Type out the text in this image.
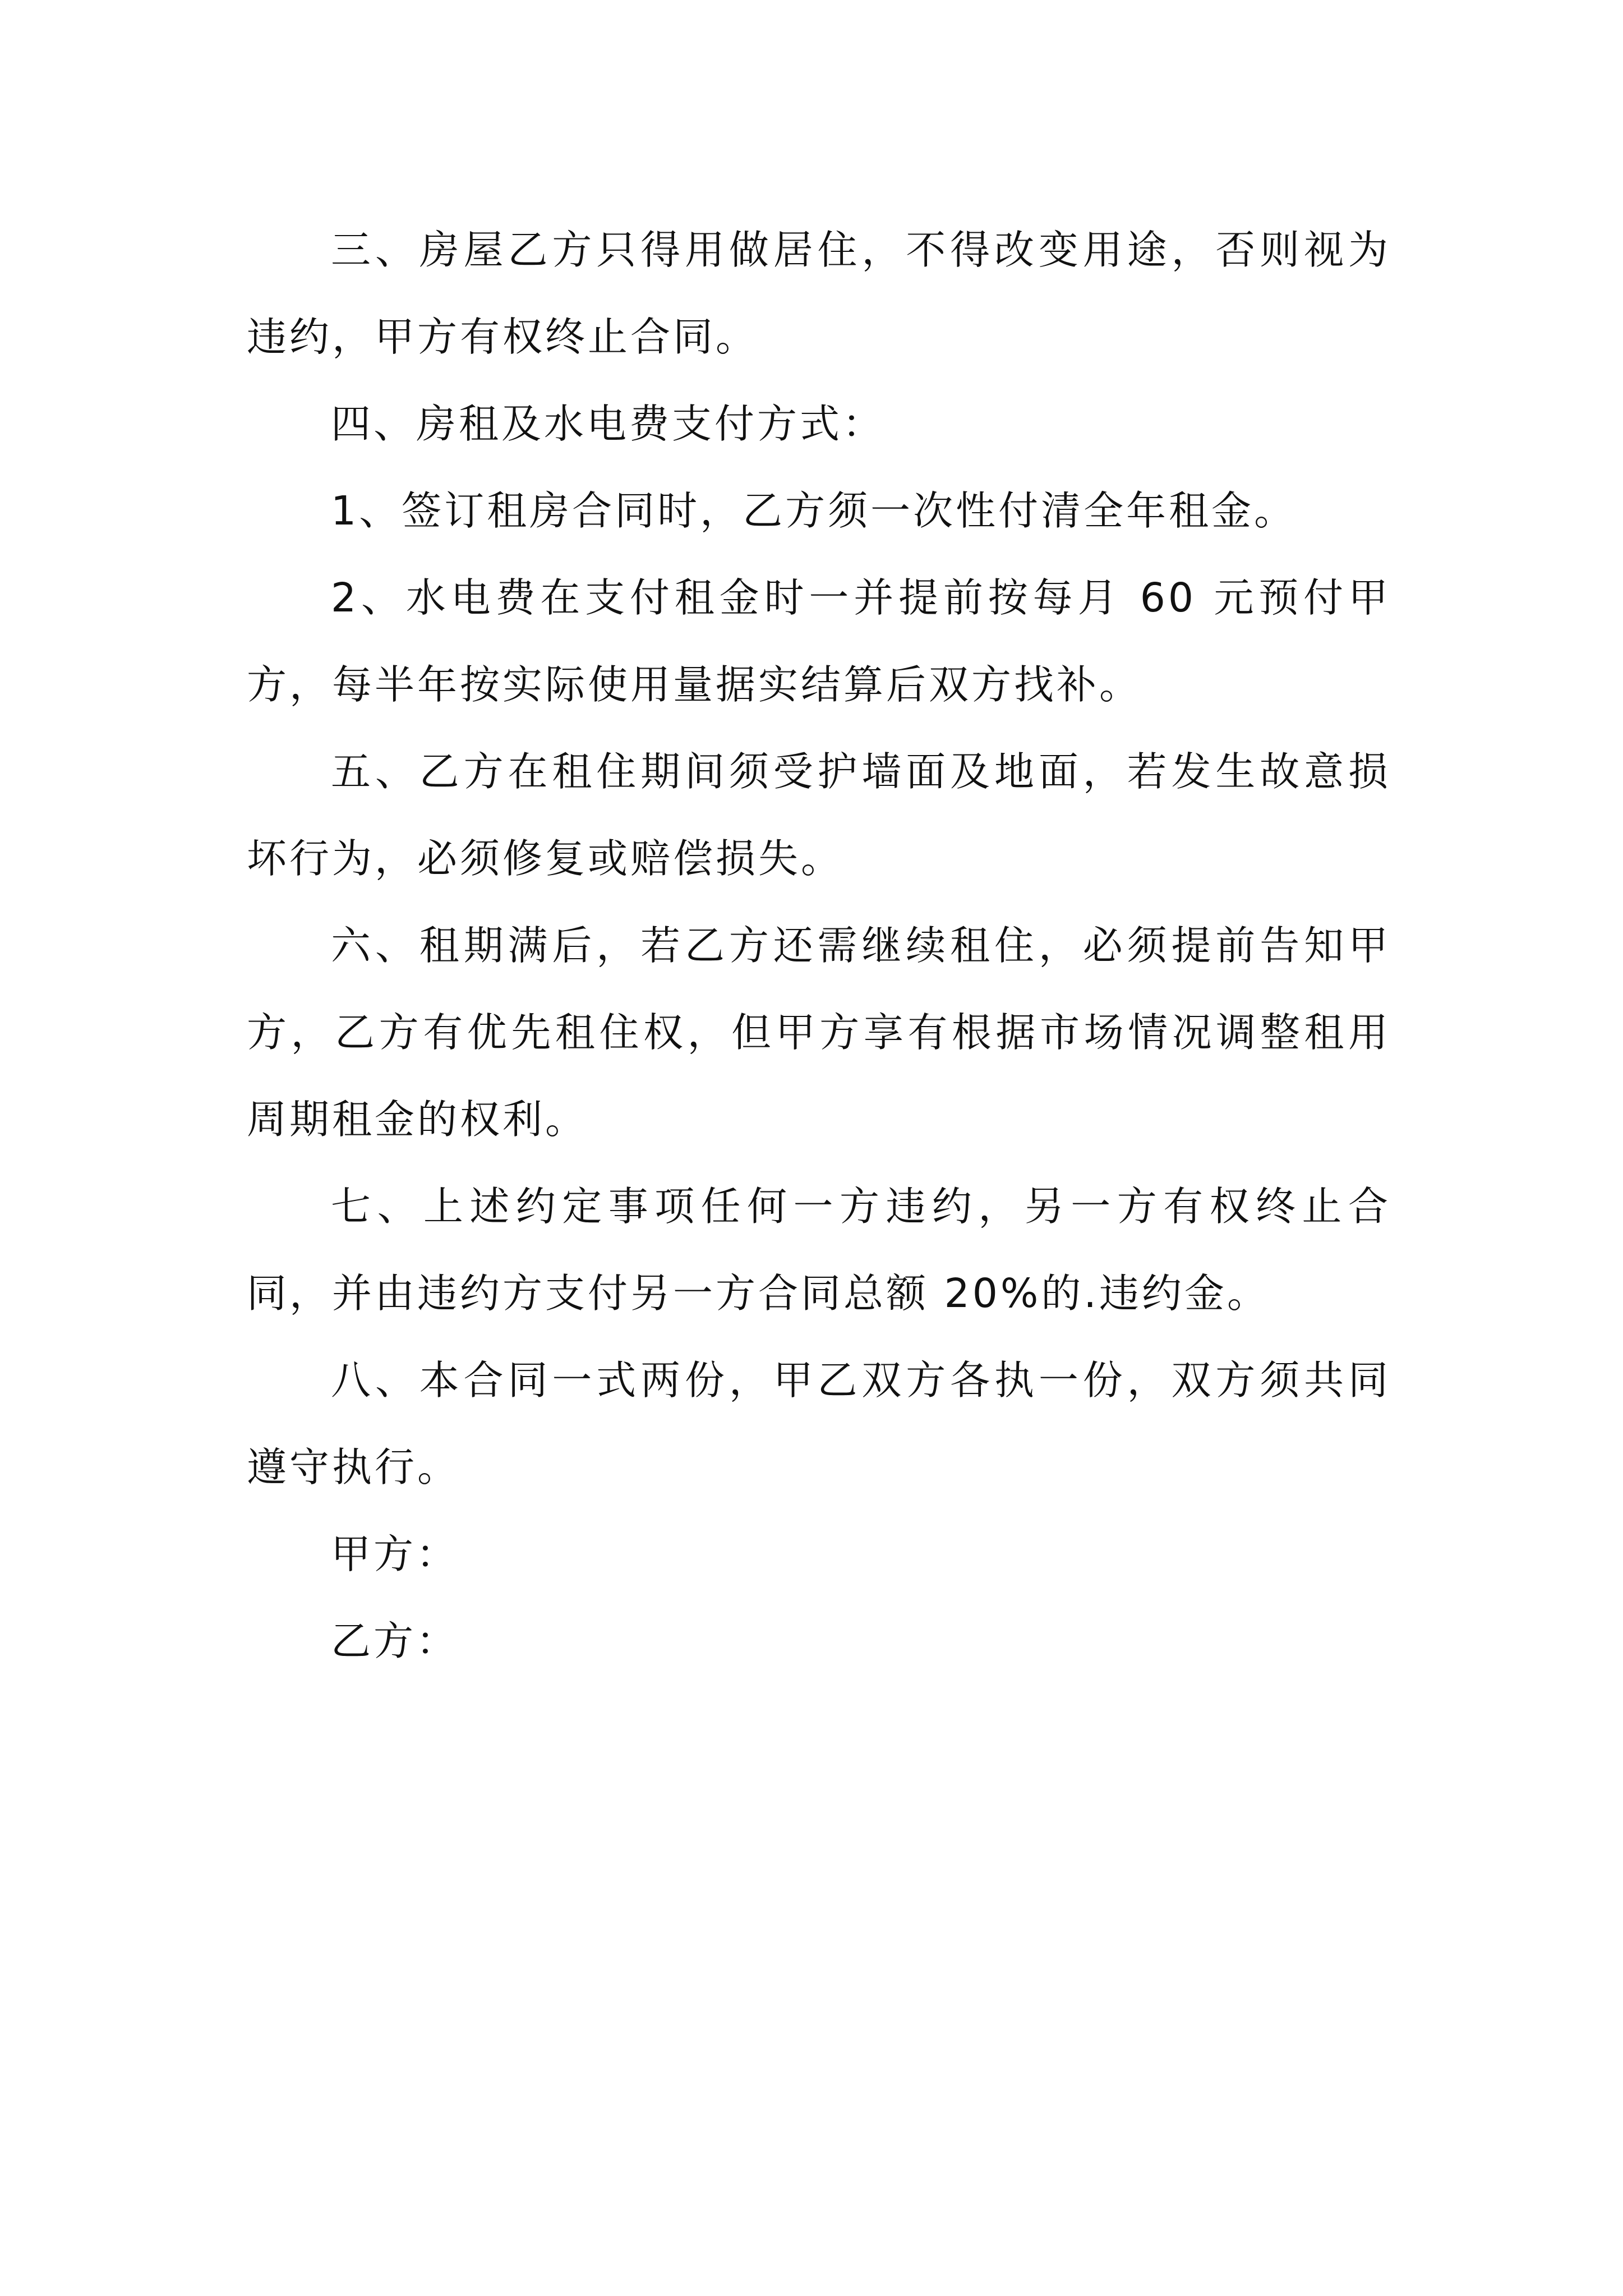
三、房屋乙方只得用做居住，不得改变用途，否则视为违约，甲方有权终止合同。

四、房租及水电费支付方式：

1、签订租房合同时，乙方须一次性付清全年租金。

2、水电费在支付租金时一并提前按每月 60 元预付甲方，每半年按实际使用量据实结算后双方找补。

五、乙方在租住期间须受护墙面及地面，若发生故意损坏行为，必须修复或赔偿损失。

六、租期满后，若乙方还需继续租住，必须提前告知甲方，乙方有优先租住权，但甲方享有根据市场情况调整租用周期租金的权利。

七、上述约定事项任何一方违约，另一方有权终止合同，并由违约方支付另一方合同总额 20%的.违约金。

八、本合同一式两份，甲乙双方各执一份，双方须共同遵守执行。

甲方：

乙方：
